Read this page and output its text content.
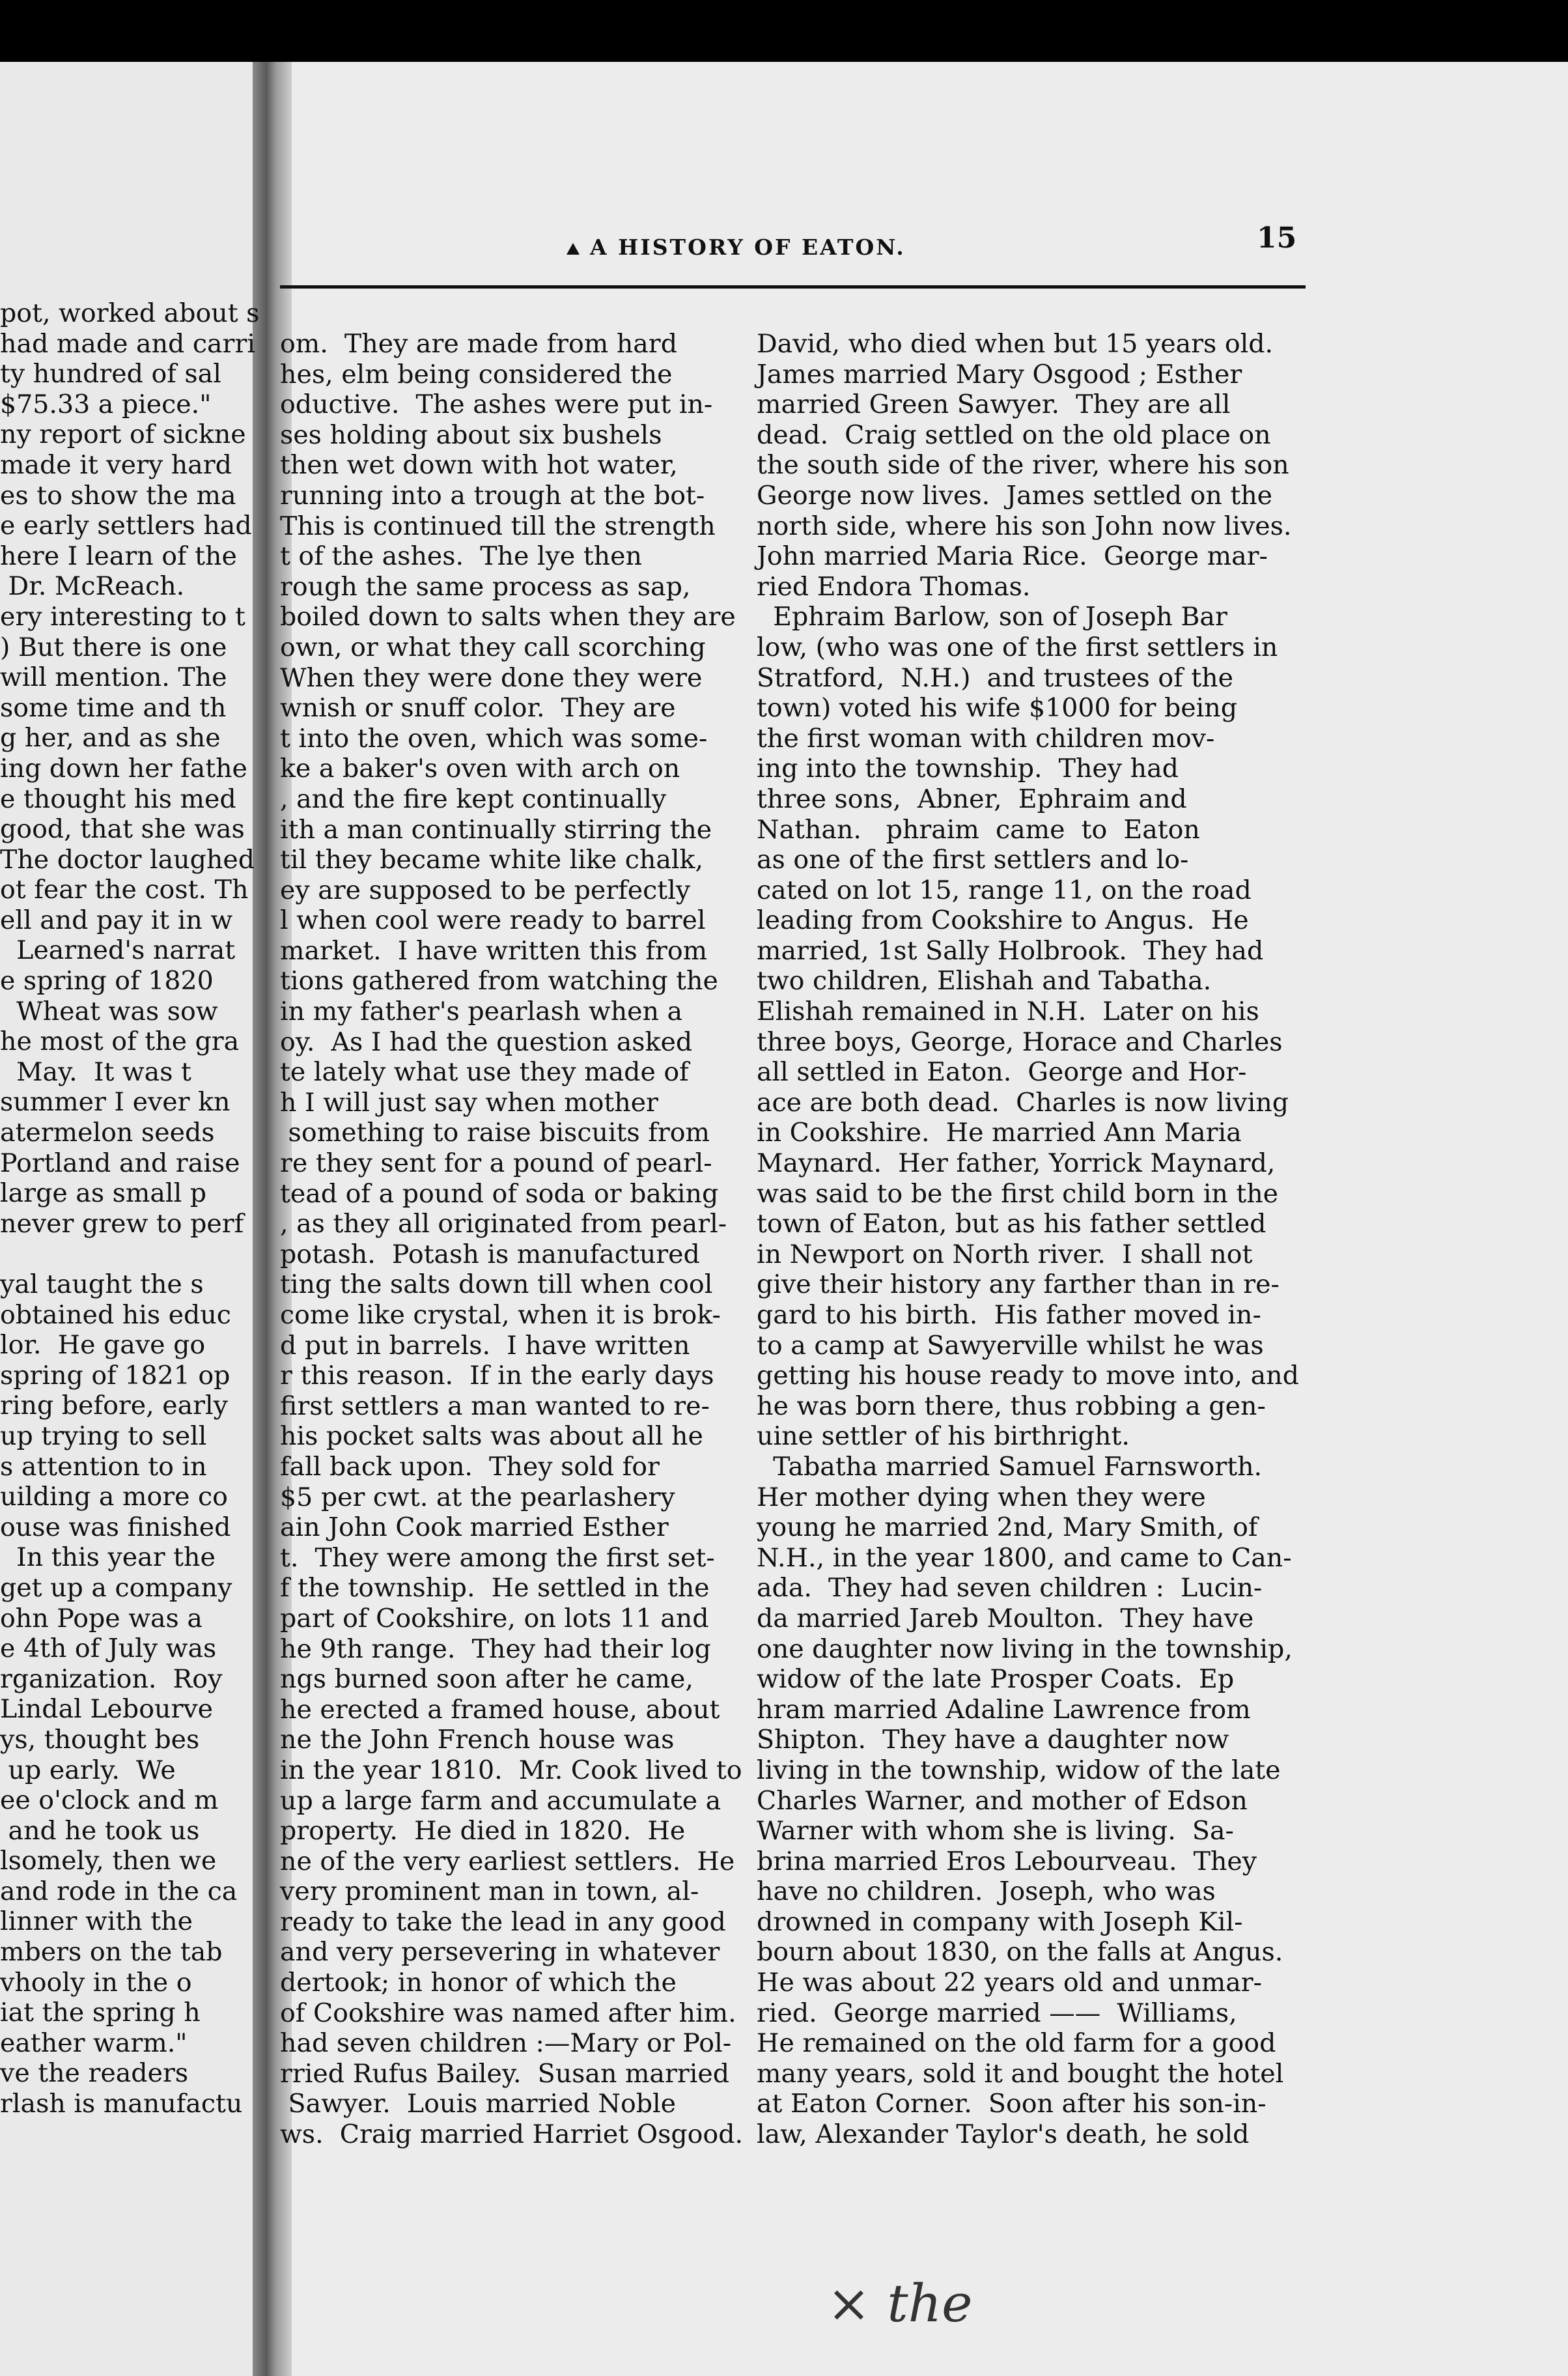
A HISTORY OF EATON.	15
pot, worked about s
had made and carri
ty hundred of sal
$75.33 a piece."
ny report of sickne
made it very hard
es to show the ma
e early settlers had
here I learn of the
Dr. McReach.
ery interesting to t
) But there is one
will mention. The
some time and th
g her, and as she
ing down her fathe
e thought his med
good, that she was
The doctor laughed
ot fear the cost. Th
ell and pay it in w
Learned's narrat
e spring of 1820
Wheat was sow
he most of the gra
May.  It was t
summer I ever kn
atermelon seeds
Portland and raise
large as small p
never grew to perf
yal taught the s
obtained his educ
lor.  He gave go
spring of 1821 op
ring before, early
up trying to sell
s attention to in
uilding a more co
ouse was finished
In this year the
get up a company
ohn Pope was a
e 4th of July was
rganization.  Roy
Lindal Lebourve
ys, thought bes
up early.  We
ee o'clock and m
and he took us
lsomely, then we
and rode in the ca
linner with the
mbers on the tab
vhooly in the o
iat the spring h
eather warm."
ve the readers
rlash is manufactu
om.  They are made from hard
hes, elm being considered the
oductive.  The ashes were put in-
ses holding about six bushels
then wet down with hot water,
running into a trough at the bot-
This is continued till the strength
t of the ashes.  The lye then
rough the same process as sap,
boiled down to salts when they are
own, or what they call scorching
When they were done they were
wnish or snuff color.  They are
t into the oven, which was some-
ke a baker's oven with arch on
, and the fire kept continually
ith a man continually stirring the
til they became white like chalk,
ey are supposed to be perfectly
l when cool were ready to barrel
market.  I have written this from
tions gathered from watching the
in my father's pearlash when a
oy.  As I had the question asked
te lately what use they made of
h I will just say when mother
something to raise biscuits from
re they sent for a pound of pearl-
tead of a pound of soda or baking
, as they all originated from pearl-
potash.  Potash is manufactured
ting the salts down till when cool
come like crystal, when it is brok-
d put in barrels.  I have written
r this reason.  If in the early days
first settlers a man wanted to re-
his pocket salts was about all he
fall back upon.  They sold for
$5 per cwt. at the pearlashery
ain John Cook married Esther
t.  They were among the first set-
f the township.  He settled in the
part of Cookshire, on lots 11 and
he 9th range.  They had their log
ngs burned soon after he came,
he erected a framed house, about
ne the John French house was
in the year 1810.  Mr. Cook lived to
up a large farm and accumulate a
property.  He died in 1820.  He
ne of the very earliest settlers.  He
very prominent man in town, al-
ready to take the lead in any good
and very persevering in whatever
dertook; in honor of which the
of Cookshire was named after him.
had seven children :—Mary or Pol-
rried Rufus Bailey.  Susan married
Sawyer.  Louis married Noble
ws.  Craig married Harriet Osgood.
David, who died when but 15 years old.
James married Mary Osgood ; Esther
married Green Sawyer.  They are all
dead.  Craig settled on the old place on
the south side of the river, where his son
George now lives.  James settled on the
north side, where his son John now lives.
John married Maria Rice.  George mar-
ried Endora Thomas.
Ephraim Barlow, son of Joseph Bar
low, (who was one of the first settlers in
Stratford,  N.H.)  and trustees of the
town) voted his wife $1000 for being
the first woman with children mov-
ing into the township.  They had
three sons,  Abner,  Ephraim and
Nathan.   phraim  came  to  Eaton
as one of the first settlers and lo-
cated on lot 15, range 11, on the road
leading from Cookshire to Angus.  He
married, 1st Sally Holbrook.  They had
two children, Elishah and Tabatha.
Elishah remained in N.H.  Later on his
three boys, George, Horace and Charles
all settled in Eaton.  George and Hor-
ace are both dead.  Charles is now living
in Cookshire.  He married Ann Maria
Maynard.  Her father, Yorrick Maynard,
was said to be the first child born in the
town of Eaton, but as his father settled
in Newport on North river.  I shall not
give their history any farther than in re-
gard to his birth.  His father moved in-
to a camp at Sawyerville whilst he was
getting his house ready to move into, and
he was born there, thus robbing a gen-
uine settler of his birthright.
Tabatha married Samuel Farnsworth.
Her mother dying when they were
young he married 2nd, Mary Smith, of
N.H., in the year 1800, and came to Can-
ada.  They had seven children :  Lucin-
da married Jareb Moulton.  They have
one daughter now living in the township,
widow of the late Prosper Coats.  Ep
hram married Adaline Lawrence from
Shipton.  They have a daughter now
living in the township, widow of the late
Charles Warner, and mother of Edson
Warner with whom she is living.  Sa-
brina married Eros Lebourveau.  They
have no children.  Joseph, who was
drowned in company with Joseph Kil-
bourn about 1830, on the falls at Angus.
He was about 22 years old and unmar-
ried.  George married ——  Williams,
He remained on the old farm for a good
many years, sold it and bought the hotel
at Eaton Corner.  Soon after his son-in-
law, Alexander Taylor's death, he sold
× the
